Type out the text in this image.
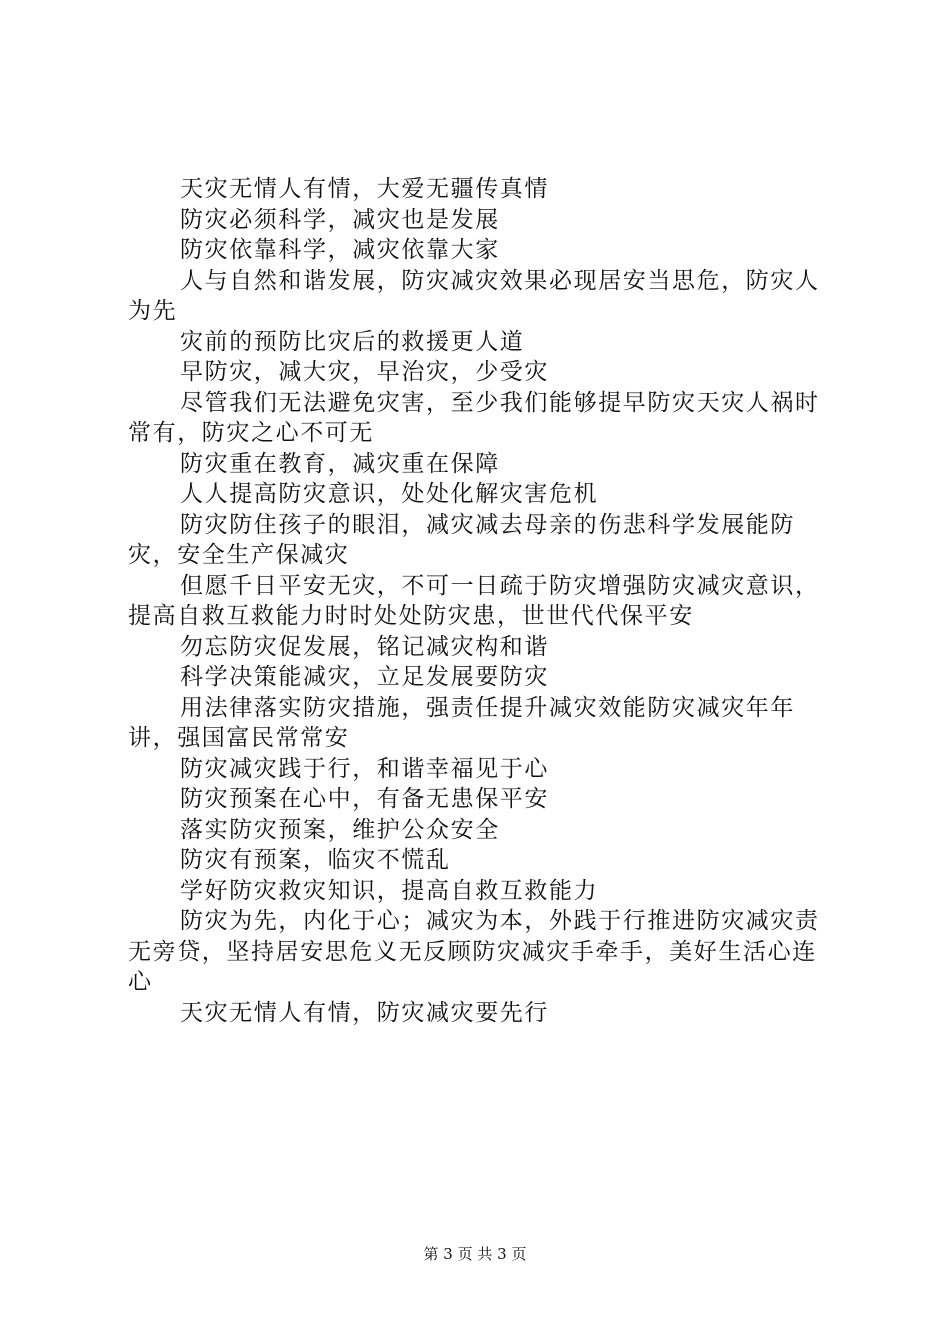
天灾无情人有情，大爱无疆传真情

防灾必须科学，减灾也是发展

防灾依靠科学，减灾依靠大家

人与自然和谐发展，防灾减灾效果必现居安当思危，防灾人为先

灾前的预防比灾后的救援更人道

早防灾，减大灾，早治灾，少受灾

尽管我们无法避免灾害，至少我们能够提早防灾天灾人祸时常有，防灾之心不可无

防灾重在教育，减灾重在保障

人人提高防灾意识，处处化解灾害危机

防灾防住孩子的眼泪，减灾减去母亲的伤悲科学发展能防灾，安全生产保减灾

但愿千日平安无灾，不可一日疏于防灾增强防灾减灾意识，提高自救互救能力时时处处防灾患，世世代代保平安

勿忘防灾促发展，铭记减灾构和谐

科学决策能减灾，立足发展要防灾

用法律落实防灾措施，强责任提升减灾效能防灾减灾年年讲，强国富民常常安

防灾减灾践于行，和谐幸福见于心

防灾预案在心中，有备无患保平安

落实防灾预案，维护公众安全

防灾有预案，临灾不慌乱

学好防灾救灾知识，提高自救互救能力

防灾为先，内化于心；减灾为本，外践于行推进防灾减灾责无旁贷，坚持居安思危义无反顾防灾减灾手牵手，美好生活心连心

天灾无情人有情，防灾减灾要先行

第 3 页 共 3 页
